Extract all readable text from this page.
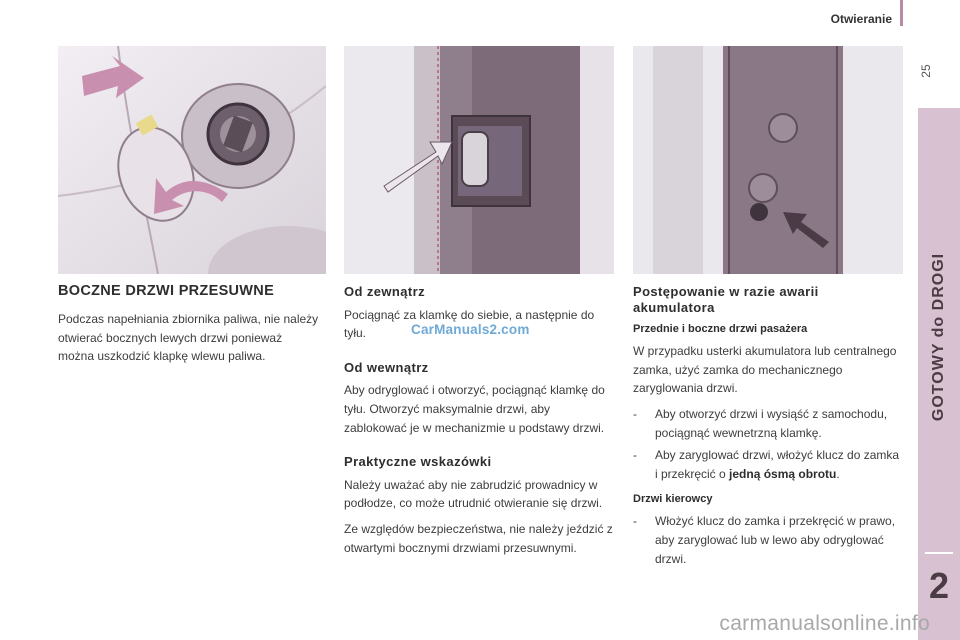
Otwieranie
25
GOTOWY do DROGI
2
BOCZNE DRZWI PRZESUWNE

Podczas napełniania zbiornika paliwa, nie należy otwierać bocznych lewych drzwi ponieważ można uszkodzić klapkę wlewu paliwa.

Od zewnątrz

Pociągnąć za klamkę do siebie, a następnie do tyłu.

Od wewnątrz

Aby odryglować i otworzyć, pociągnąć klamkę do tyłu. Otworzyć maksymalnie drzwi, aby zablokować je w mechanizmie u podstawy drzwi.

Praktyczne wskazówki

Należy uważać aby nie zabrudzić prowadnicy w podłodze, co może utrudnić otwieranie się drzwi.

Ze względów bezpieczeństwa, nie należy jeździć z otwartymi bocznymi drzwiami przesuwnymi.

Postępowanie w razie awarii akumulatora
Przednie i boczne drzwi pasażera

W przypadku usterki akumulatora lub centralnego zamka, użyć zamka do mechanicznego zaryglowania drzwi.

- Aby otworzyć drzwi i wysiąść z samochodu, pociągnąć wewnetrzną klamkę.
- Aby zaryglować drzwi, włożyć klucz do zamka i przekręcić o jedną ósmą obrotu.
Drzwi kierowcy
- Włożyć klucz do zamka i przekręcić w prawo, aby zaryglować lub w lewo aby odryglować drzwi.
CarManuals2.com
carmanualsonline.info
